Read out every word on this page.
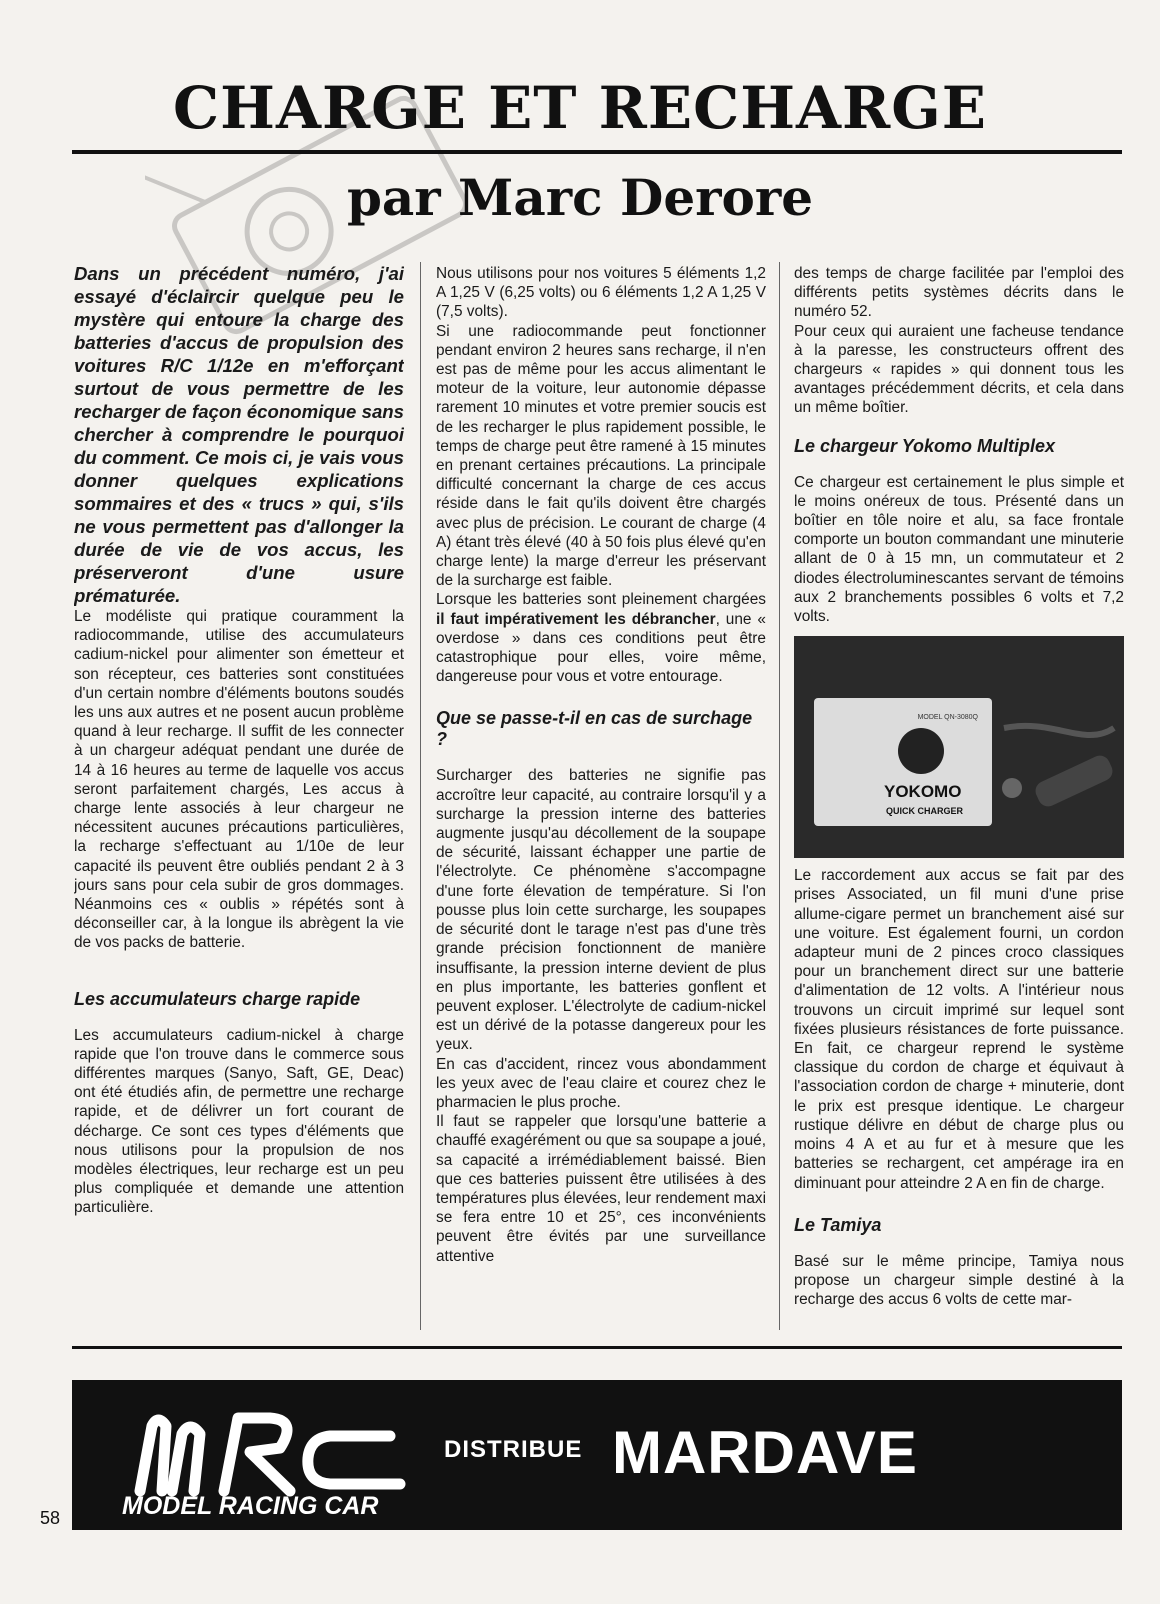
CHARGE ET RECHARGE
par Marc Derore

Dans un précédent numéro, j'ai essayé d'éclaircir quelque peu le mystère qui entoure la charge des batteries d'accus de propulsion des voitures R/C 1/12e en m'efforçant surtout de vous permettre de les recharger de façon économique sans chercher à comprendre le pourquoi du comment. Ce mois ci, je vais vous donner quelques explications sommaires et des « trucs » qui, s'ils ne vous permettent pas d'allonger la durée de vie de vos accus, les préserveront d'une usure prématurée.

Le modéliste qui pratique couramment la radiocommande, utilise des accumulateurs cadium-nickel pour alimenter son émetteur et son récepteur, ces batteries sont constituées d'un certain nombre d'éléments boutons soudés les uns aux autres et ne posent aucun problème quand à leur recharge. Il suffit de les connecter à un chargeur adéquat pendant une durée de 14 à 16 heures au terme de laquelle vos accus seront parfaitement chargés, Les accus à charge lente associés à leur chargeur ne nécessitent aucunes précautions particulières, la recharge s'effectuant au 1/10e de leur capacité ils peuvent être oubliés pendant 2 à 3 jours sans pour cela subir de gros dommages. Néanmoins ces « oublis » répétés sont à déconseiller car, à la longue ils abrègent la vie de vos packs de batterie.

Les accumulateurs charge rapide

Les accumulateurs cadium-nickel à charge rapide que l'on trouve dans le commerce sous différentes marques (Sanyo, Saft, GE, Deac) ont été étudiés afin, de permettre une recharge rapide, et de délivrer un fort courant de décharge. Ce sont ces types d'éléments que nous utilisons pour la propulsion de nos modèles électriques, leur recharge est un peu plus compliquée et demande une attention particulière.

Nous utilisons pour nos voitures 5 éléments 1,2 A 1,25 V (6,25 volts) ou 6 éléments 1,2 A 1,25 V (7,5 volts).

Si une radiocommande peut fonctionner pendant environ 2 heures sans recharge, il n'en est pas de même pour les accus alimentant le moteur de la voiture, leur autonomie dépasse rarement 10 minutes et votre premier soucis est de les recharger le plus rapidement possible, le temps de charge peut être ramené à 15 minutes en prenant certaines précautions. La principale difficulté concernant la charge de ces accus réside dans le fait qu'ils doivent être chargés avec plus de précision. Le courant de charge (4 A) étant très élevé (40 à 50 fois plus élevé qu'en charge lente) la marge d'erreur les préservant de la surcharge est faible.

Lorsque les batteries sont pleinement chargées il faut impérativement les débrancher, une « overdose » dans ces conditions peut être catastrophique pour elles, voire même, dangereuse pour vous et votre entourage.

Que se passe-t-il en cas de surchage ?

Surcharger des batteries ne signifie pas accroître leur capacité, au contraire lorsqu'il y a surcharge la pression interne des batteries augmente jusqu'au décollement de la soupape de sécurité, laissant échapper une partie de l'électrolyte. Ce phénomène s'accompagne d'une forte élevation de température. Si l'on pousse plus loin cette surcharge, les soupapes de sécurité dont le tarage n'est pas d'une très grande précision fonctionnent de manière insuffisante, la pression interne devient de plus en plus importante, les batteries gonflent et peuvent exploser. L'électrolyte de cadium-nickel est un dérivé de la potasse dangereux pour les yeux.

En cas d'accident, rincez vous abondamment les yeux avec de l'eau claire et courez chez le pharmacien le plus proche.

Il faut se rappeler que lorsqu'une batterie a chauffé exagérément ou que sa soupape a joué, sa capacité a irrémédiablement baissé. Bien que ces batteries puissent être utilisées à des températures plus élevées, leur rendement maxi se fera entre 10 et 25°, ces inconvénients peuvent être évités par une surveillance attentive

des temps de charge facilitée par l'emploi des différents petits systèmes décrits dans le numéro 52.

Pour ceux qui auraient une facheuse tendance à la paresse, les constructeurs offrent des chargeurs « rapides » qui donnent tous les avantages précédemment décrits, et cela dans un même boîtier.

Le chargeur Yokomo Multiplex

Ce chargeur est certainement le plus simple et le moins onéreux de tous. Présenté dans un boîtier en tôle noire et alu, sa face frontale comporte un bouton commandant une minuterie allant de 0 à 15 mn, un commutateur et 2 diodes électroluminescantes servant de témoins aux 2 branchements possibles 6 volts et 7,2 volts.

MODEL QN-3080Q
YOKOMO
QUICK CHARGER

Le raccordement aux accus se fait par des prises Associated, un fil muni d'une prise allume-cigare permet un branchement aisé sur une voiture. Est également fourni, un cordon adapteur muni de 2 pinces croco classiques pour un branchement direct sur une batterie d'alimentation de 12 volts. A l'intérieur nous trouvons un circuit imprimé sur lequel sont fixées plusieurs résistances de forte puissance. En fait, ce chargeur reprend le système classique du cordon de charge et équivaut à l'association cordon de charge + minuterie, dont le prix est presque identique. Le chargeur rustique délivre en début de charge plus ou moins 4 A et au fur et à mesure que les batteries se rechargent, cet ampérage ira en diminuant pour atteindre 2 A en fin de charge.

Le Tamiya

Basé sur le même principe, Tamiya nous propose un chargeur simple destiné à la recharge des accus 6 volts de cette mar-

MODEL RACING CAR

DISTRIBUE MARDAVE
58
